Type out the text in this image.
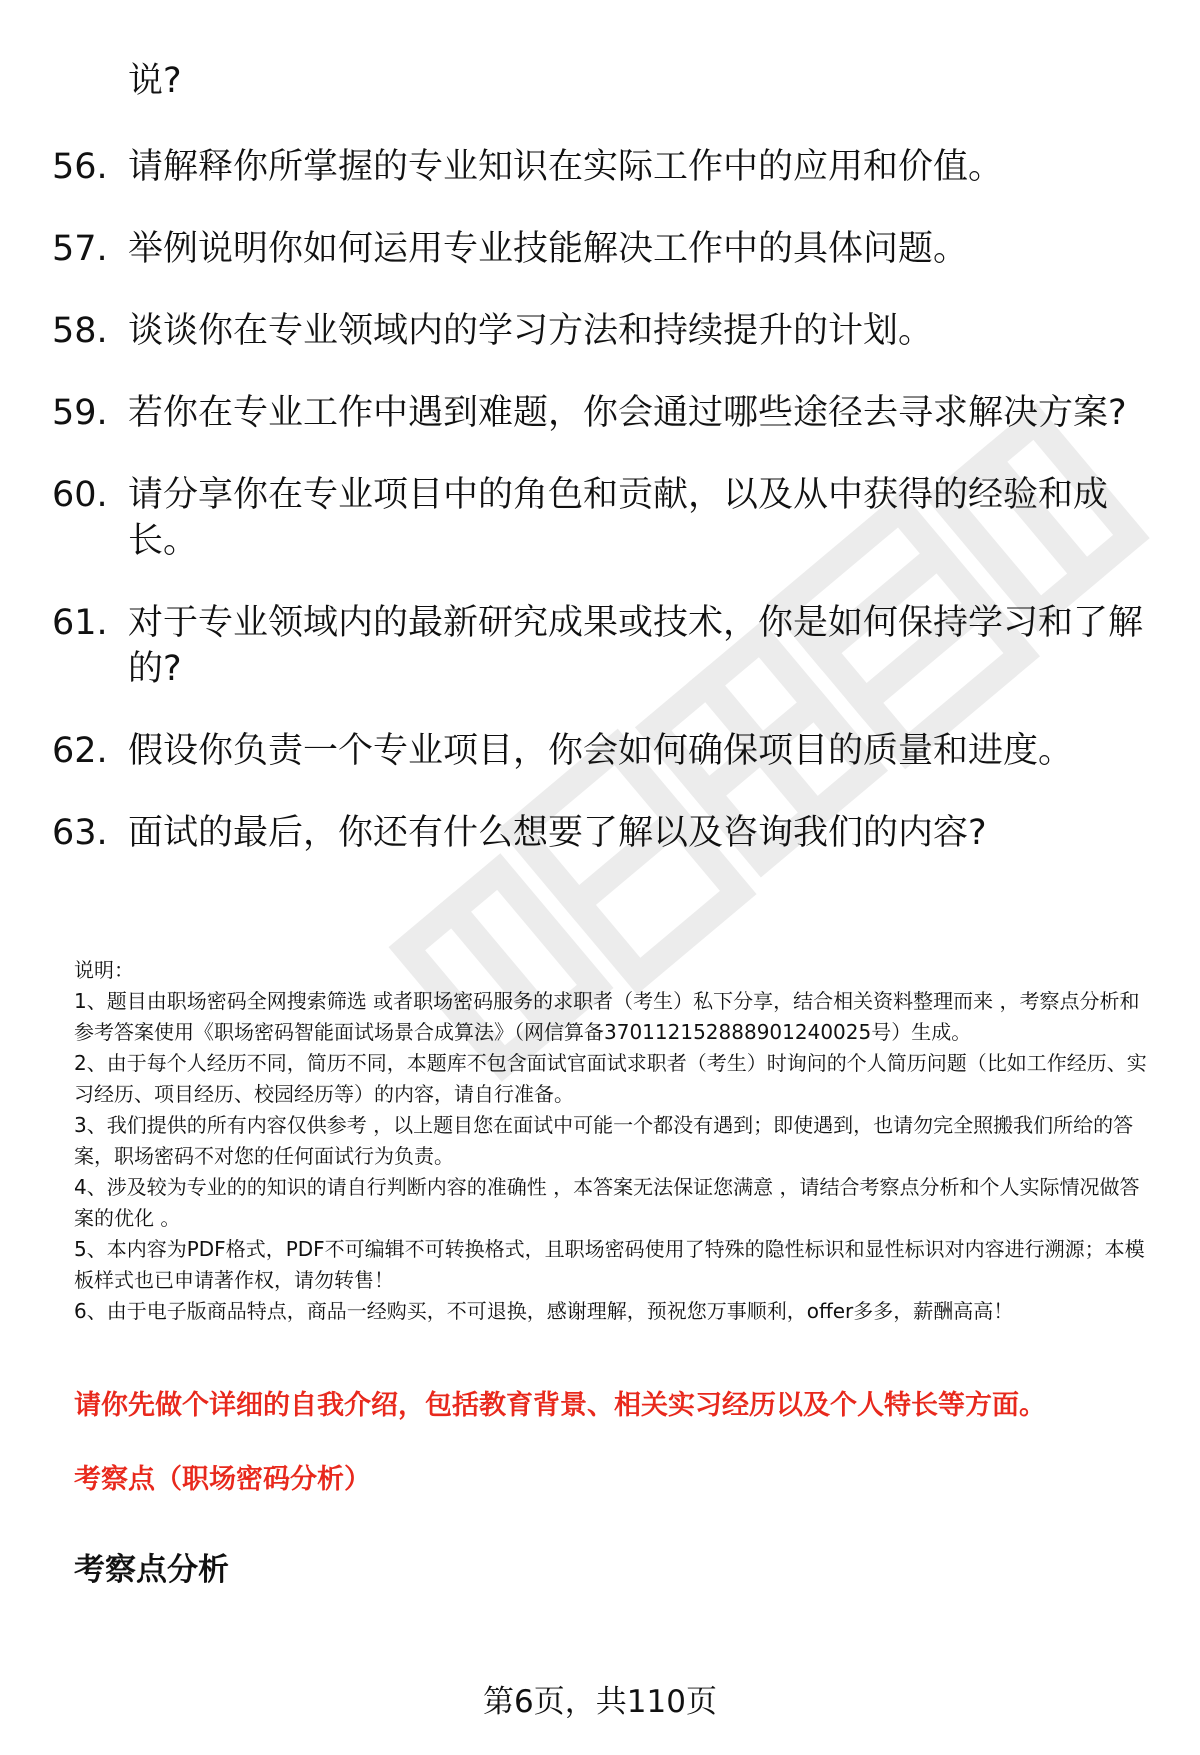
说?
56. 请解释你所掌握的专业知识在实际工作中的应用和价值。
57. 举例说明你如何运用专业技能解决工作中的具体问题。
58. 谈谈你在专业领域内的学习方法和持续提升的计划。
59. 若你在专业工作中遇到难题，你会通过哪些途径去寻求解决方案?
60. 请分享你在专业项目中的角色和贡献，以及从中获得的经验和成长。
61. 对于专业领域内的最新研究成果或技术，你是如何保持学习和了解的?
62. 假设你负责一个专业项目，你会如何确保项目的质量和进度。
63. 面试的最后，你还有什么想要了解以及咨询我们的内容?

说明：

1、题目由职场密码全网搜索筛选 或者职场密码服务的求职者（考生）私下分享，结合相关资料整理而来 ，考察点分析和参考答案使用《职场密码智能面试场景合成算法》（网信算备370112152888901240025号）生成。

2、由于每个人经历不同，简历不同，本题库不包含面试官面试求职者（考生）时询问的个人简历问题（比如工作经历、实习经历、项目经历、校园经历等）的内容，请自行准备。

3、我们提供的所有内容仅供参考 ，以上题目您在面试中可能一个都没有遇到；即使遇到，也请勿完全照搬我们所给的答案，职场密码不对您的任何面试行为负责。

4、涉及较为专业的的知识的请自行判断内容的准确性 ，本答案无法保证您满意 ，请结合考察点分析和个人实际情况做答案的优化 。

5、本内容为PDF格式，PDF不可编辑不可转换格式，且职场密码使用了特殊的隐性标识和显性标识对内容进行溯源；本模板样式也已申请著作权，请勿转售！

6、由于电子版商品特点，商品一经购买，不可退换，感谢理解，预祝您万事顺利，offer多多，薪酬高高！

请你先做个详细的自我介绍，包括教育背景、相关实习经历以及个人特长等方面。
考察点（职场密码分析）
考察点分析
第6页，共110页
